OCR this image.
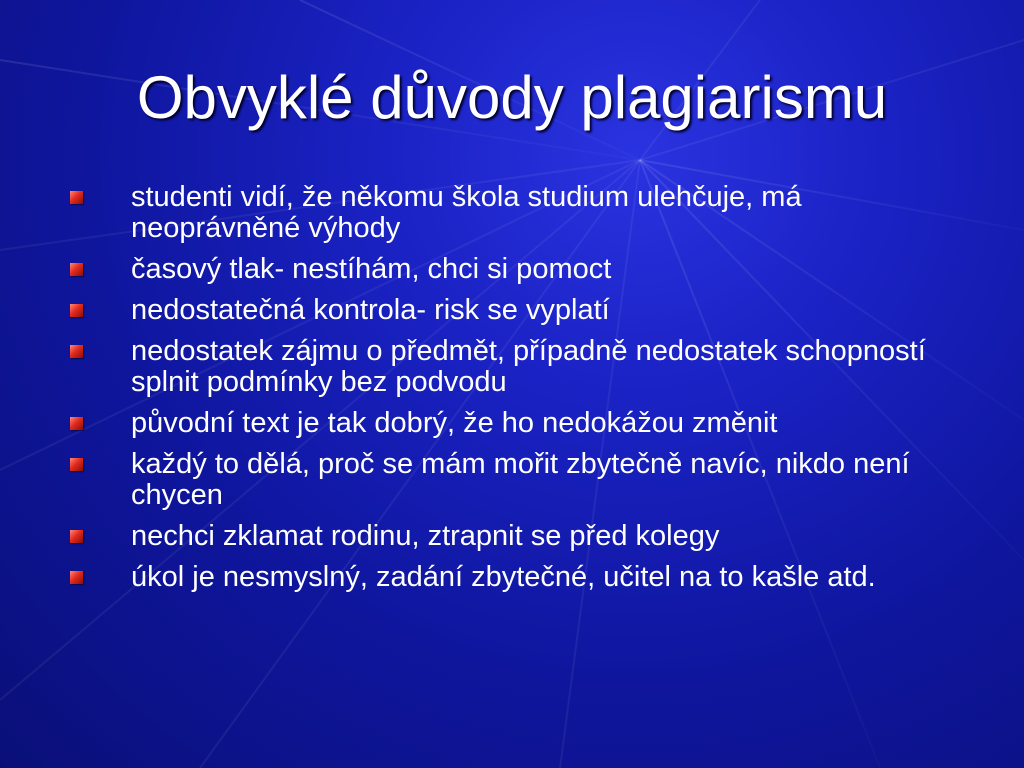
Obvyklé důvody plagiarismu
studenti vidí, že někomu škola studium ulehčuje, má neoprávněné výhody
časový tlak- nestíhám, chci si pomoct
nedostatečná kontrola- risk se vyplatí
nedostatek zájmu o předmět, případně nedostatek schopností splnit podmínky bez podvodu
původní text je tak dobrý, že ho nedokážou změnit
každý to dělá, proč se mám mořit zbytečně navíc, nikdo není chycen
nechci zklamat rodinu, ztrapnit se před kolegy
úkol je nesmyslný, zadání zbytečné, učitel na to kašle atd.
